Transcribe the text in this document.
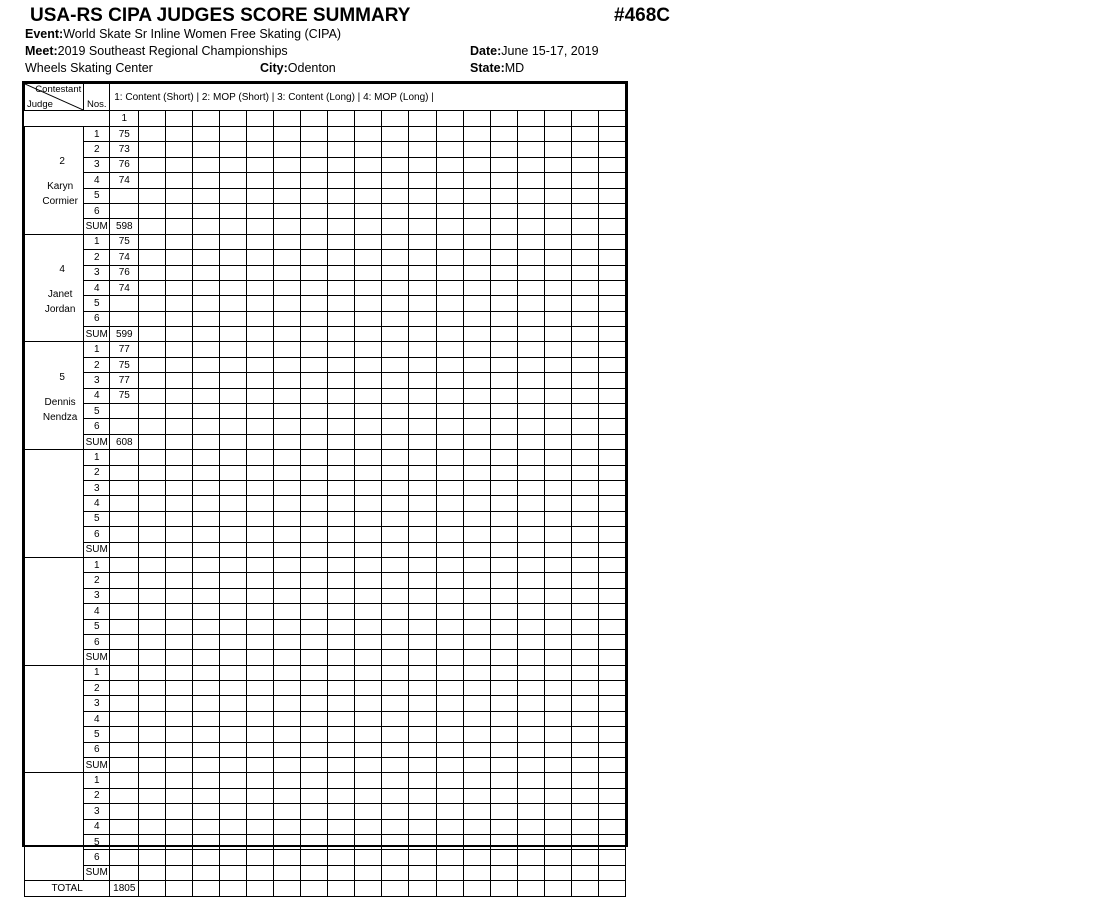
USA-RS CIPA JUDGES SCORE SUMMARY	#468C
Event:World Skate Sr Inline Women Free Skating (CIPA)
Meet:2019 Southeast Regional Championships	Date:June 15-17, 2019
Wheels Skating Center	City:Odenton	State:MD
Contestant
Judge	Nos.	1: Content (Short) | 2: MOP (Short) | 3: Content (Long) | 4: MOP (Long) |																		
		1																		

2
Karyn
Cormier	1	75																		
	2	73																		
	3	76																		
	4	74																		
	5																			
	6																			
	SUM	598																		

4
Janet
Jordan	1	75																		
	2	74																		
	3	76																		
	4	74																		
	5																			
	6																			
	SUM	599																		

5
Dennis
Nendza	1	77																		
	2	75																		
	3	77																		
	4	75																		
	5																			
	6																			
	SUM	608																		

	1																			
	2																			
	3																			
	4																			
	5																			
	6																			
	SUM																			

	1																			
	2																			
	3																			
	4																			
	5																			
	6																			
	SUM																			

	1																			
	2																			
	3																			
	4																			
	5																			
	6																			
	SUM																			

	1																			
	2																			
	3																			
	4																			
	5																			
	6																			
	SUM																			
TOTAL		1805																		
